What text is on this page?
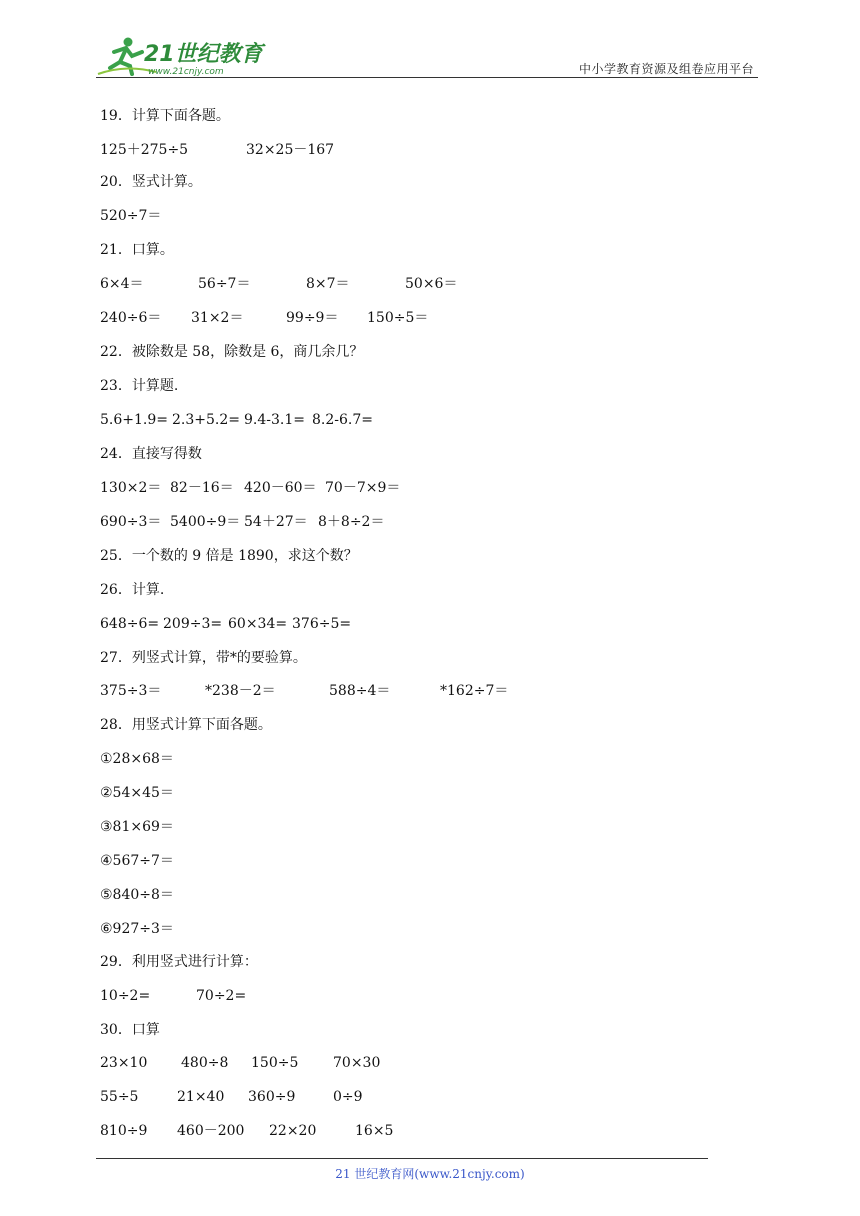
21世纪教育
www.21cnjy.com	中小学教育资源及组卷应用平台
19．计算下面各题。
125＋275÷5	32×25－167
20．竖式计算。
520÷7＝
21．口算。
6×4＝	56÷7＝	8×7＝	50×6＝
240÷6＝ 31×2＝	99÷9＝ 150÷5＝
22．被除数是 58，除数是 6，商几余几？
23．计算题.
5.6+1.9= 2.3+5.2= 9.4-3.1= 8.2-6.7=
24．直接写得数
130×2＝ 82－16＝ 420－60＝ 70－7×9＝
690÷3＝ 5400÷9＝ 54＋27＝ 8＋8÷2＝
25．一个数的 9 倍是 1890，求这个数？
26．计算.
648÷6= 209÷3= 60×34= 376÷5=
27．列竖式计算，带*的要验算。
375÷3＝	*238－2＝	588÷4＝	*162÷7＝
28．用竖式计算下面各题。
①28×68＝
②54×45＝
③81×69＝
④567÷7＝
⑤840÷8＝
⑥927÷3＝
29．利用竖式进行计算：
10÷2=	70÷2=
30．口算
23×10 480÷8 150÷5 70×30
55÷5	21×40 360÷9	0÷9
810÷9 460－200 22×20	16×5
21 世纪教育网(www.21cnjy.com)
